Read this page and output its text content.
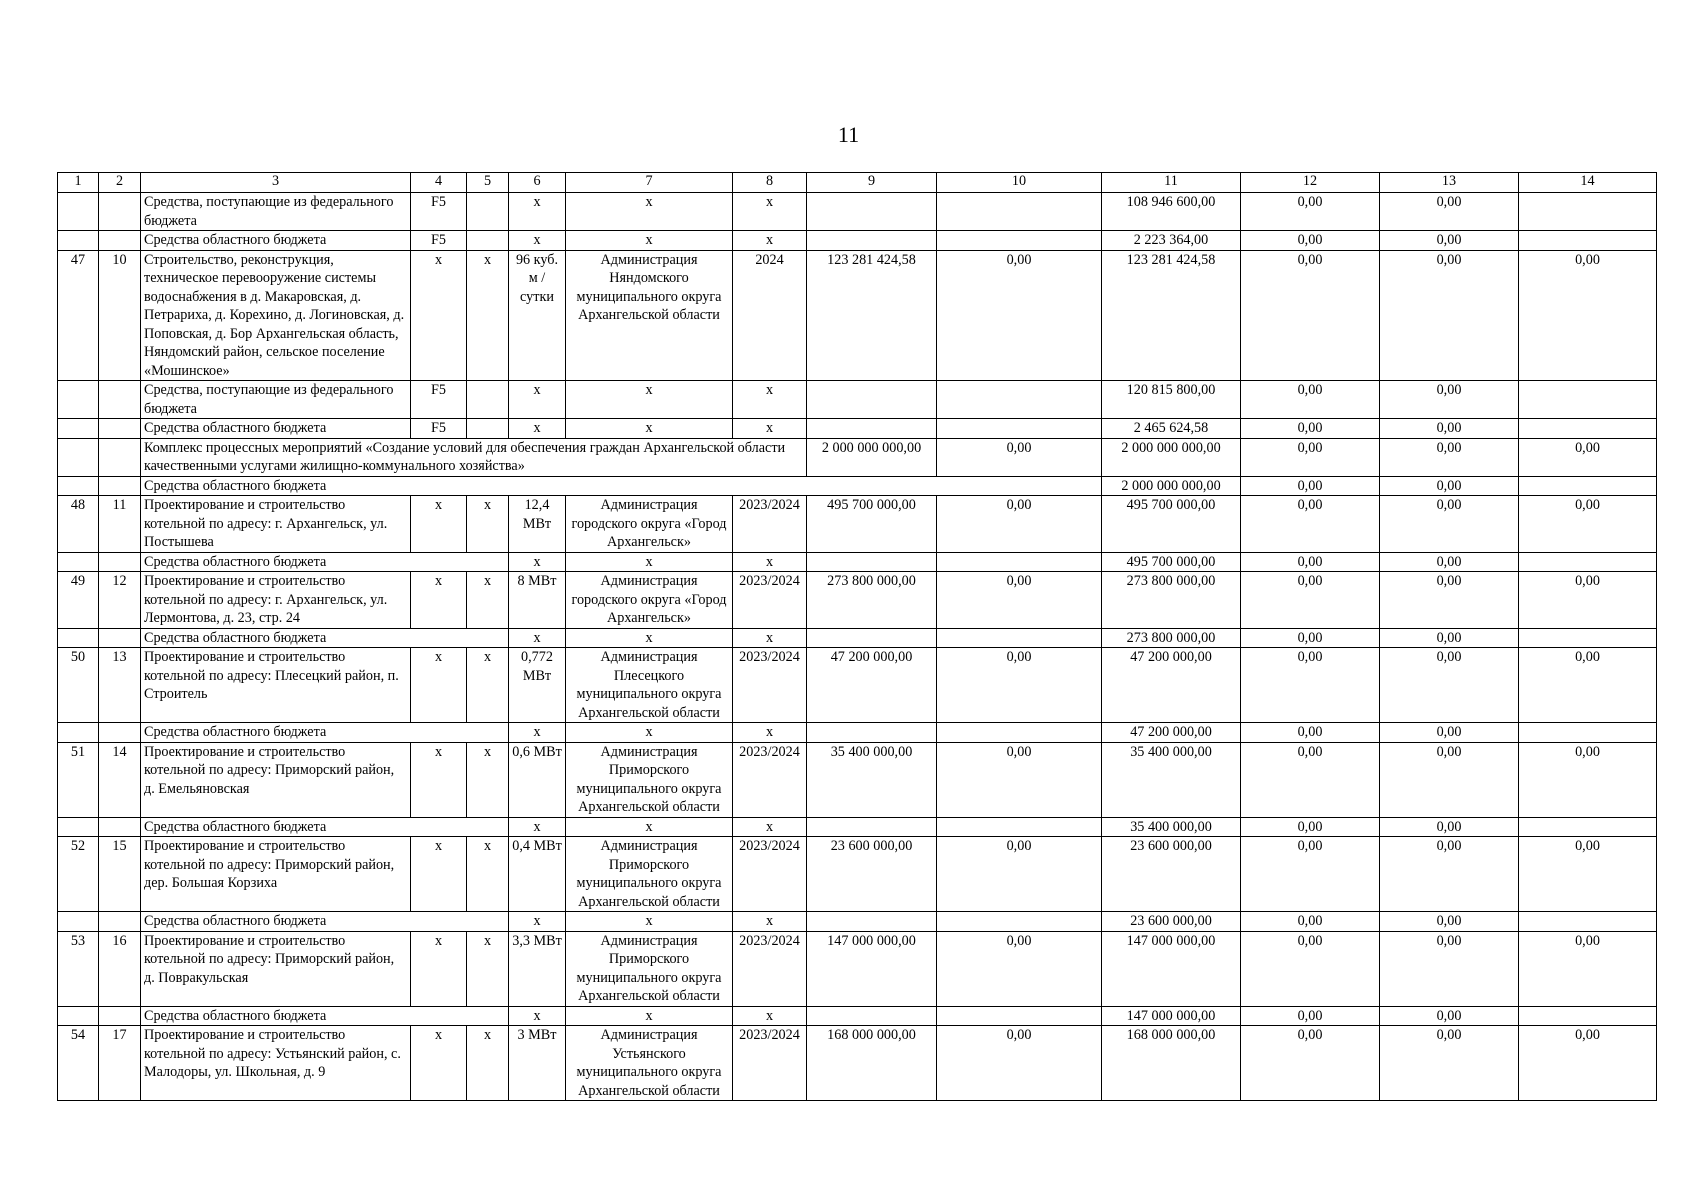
11
1	2	3	4	5	6	7	8	9	10	11	12	13	14
		Средства, поступающие из федерального бюджета	F5		х	х	х			108 946 600,00	0,00	0,00	
		Средства областного бюджета	F5		х	х	х			2 223 364,00	0,00	0,00	
47	10	Строительство, реконструкция, техническое перевооружение системы водоснабжения в д. Макаровская, д. Петрариха, д. Корехино, д. Логиновская, д. Поповская, д. Бор Архангельская область, Няндомский район, сельское поселение «Мошинское»	х	х	96 куб. м / сутки	Администрация Няндомского муниципального округа Архангельской области	2024	123 281 424,58	0,00	123 281 424,58	0,00	0,00	0,00
		Средства, поступающие из федерального бюджета	F5		х	х	х			120 815 800,00	0,00	0,00	
		Средства областного бюджета	F5		х	х	х			2 465 624,58	0,00	0,00	
		Комплекс процессных мероприятий «Создание условий для обеспечения граждан Архангельской области качественными услугами жилищно-коммунального хозяйства»						2 000 000 000,00	0,00	2 000 000 000,00	0,00	0,00	0,00
		Средства областного бюджета								2 000 000 000,00	0,00	0,00	
48	11	Проектирование и строительство котельной по адресу: г. Архангельск, ул. Постышева	х	х	12,4 МВт	Администрация городского округа «Город Архангельск»	2023/2024	495 700 000,00	0,00	495 700 000,00	0,00	0,00	0,00
		Средства областного бюджета			х	х	х			495 700 000,00	0,00	0,00	
49	12	Проектирование и строительство котельной по адресу: г. Архангельск, ул. Лермонтова, д. 23, стр. 24	х	х	8 МВт	Администрация городского округа «Город Архангельск»	2023/2024	273 800 000,00	0,00	273 800 000,00	0,00	0,00	0,00
		Средства областного бюджета			х	х	х			273 800 000,00	0,00	0,00	
50	13	Проектирование и строительство котельной по адресу: Плесецкий район, п. Строитель	х	х	0,772 МВт	Администрация Плесецкого муниципального округа Архангельской области	2023/2024	47 200 000,00	0,00	47 200 000,00	0,00	0,00	0,00
		Средства областного бюджета			х	х	х			47 200 000,00	0,00	0,00	
51	14	Проектирование и строительство котельной по адресу: Приморский район, д. Емельяновская	х	х	0,6 МВт	Администрация Приморского муниципального округа Архангельской области	2023/2024	35 400 000,00	0,00	35 400 000,00	0,00	0,00	0,00
		Средства областного бюджета			х	х	х			35 400 000,00	0,00	0,00	
52	15	Проектирование и строительство котельной по адресу: Приморский район, дер. Большая Корзиха	х	х	0,4 МВт	Администрация Приморского муниципального округа Архангельской области	2023/2024	23 600 000,00	0,00	23 600 000,00	0,00	0,00	0,00
		Средства областного бюджета			х	х	х			23 600 000,00	0,00	0,00	
53	16	Проектирование и строительство котельной по адресу: Приморский район, д. Повракульская	х	х	3,3 МВт	Администрация Приморского муниципального округа Архангельской области	2023/2024	147 000 000,00	0,00	147 000 000,00	0,00	0,00	0,00
		Средства областного бюджета			х	х	х			147 000 000,00	0,00	0,00	
54	17	Проектирование и строительство котельной по адресу: Устьянский район, с. Малодоры, ул. Школьная, д. 9	х	х	3 МВт	Администрация Устьянского муниципального округа Архангельской области	2023/2024	168 000 000,00	0,00	168 000 000,00	0,00	0,00	0,00
